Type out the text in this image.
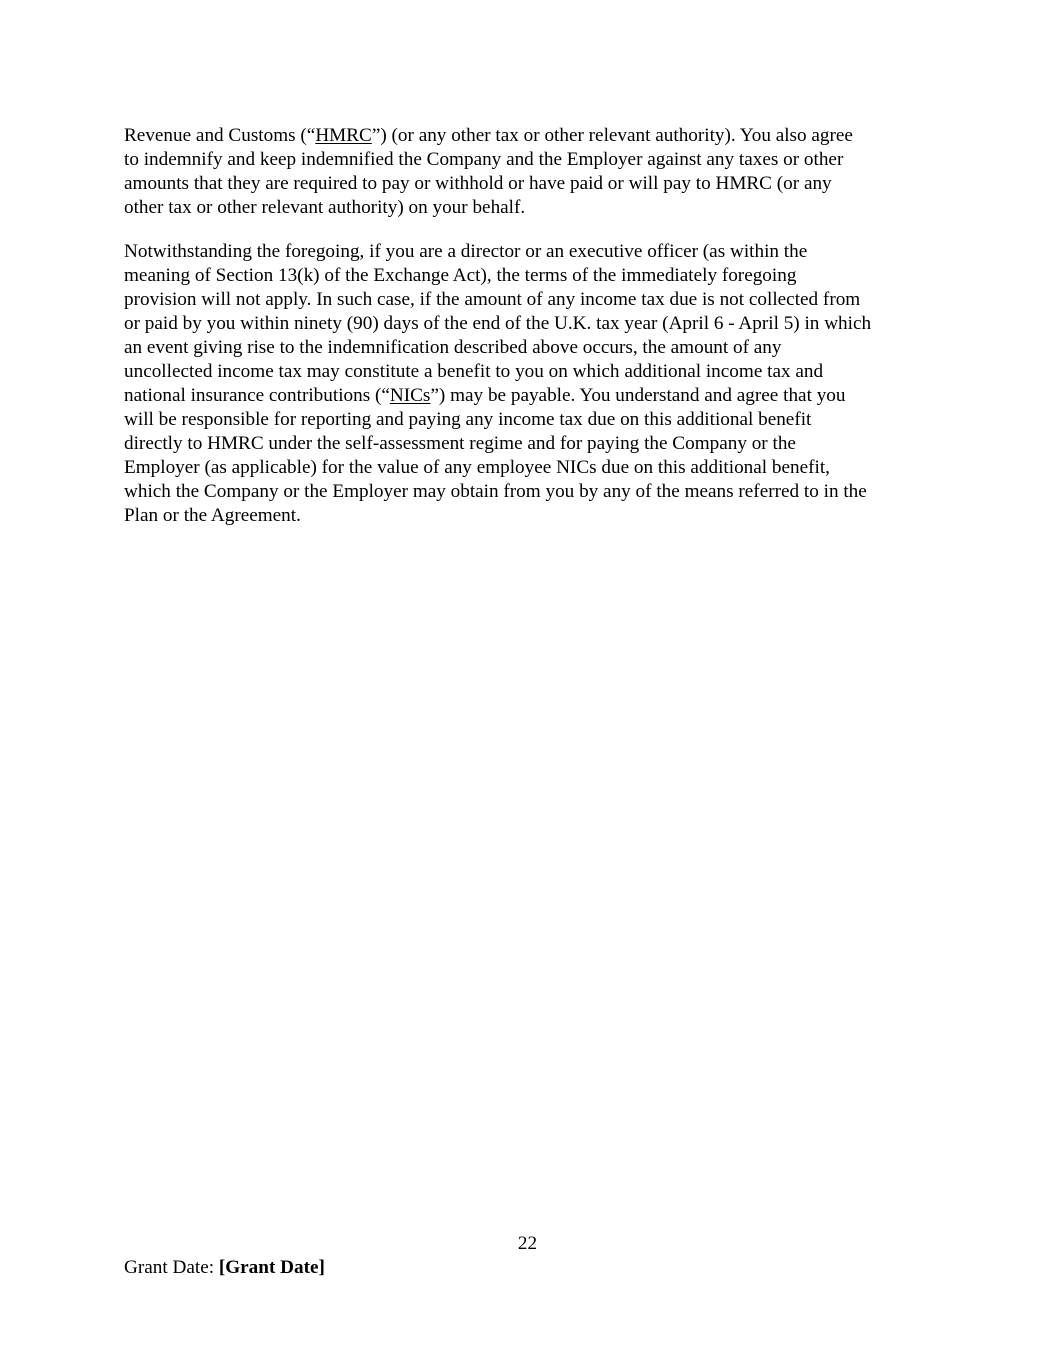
Revenue and Customs (“HMRC”) (or any other tax or other relevant authority). You also agree
to indemnify and keep indemnified the Company and the Employer against any taxes or other
amounts that they are required to pay or withhold or have paid or will pay to HMRC (or any
other tax or other relevant authority) on your behalf.

Notwithstanding the foregoing, if you are a director or an executive officer (as within the
meaning of Section 13(k) of the Exchange Act), the terms of the immediately foregoing
provision will not apply. In such case, if the amount of any income tax due is not collected from
or paid by you within ninety (90) days of the end of the U.K. tax year (April 6 - April 5) in which
an event giving rise to the indemnification described above occurs, the amount of any
uncollected income tax may constitute a benefit to you on which additional income tax and
national insurance contributions (“NICs”) may be payable. You understand and agree that you
will be responsible for reporting and paying any income tax due on this additional benefit
directly to HMRC under the self-assessment regime and for paying the Company or the
Employer (as applicable) for the value of any employee NICs due on this additional benefit,
which the Company or the Employer may obtain from you by any of the means referred to in the
Plan or the Agreement.

22
Grant Date: [Grant Date]
